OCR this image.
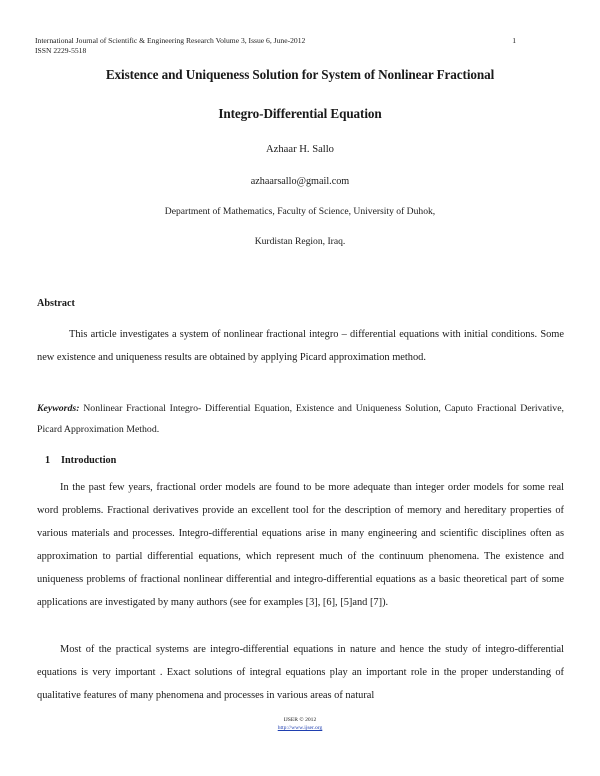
International Journal of Scientific & Engineering Research Volume 3, Issue 6, June-2012
ISSN 2229-5518
1
Existence and Uniqueness Solution for System of Nonlinear Fractional
Integro-Differential Equation
Azhaar H. Sallo
azhaarsallo@gmail.com
Department of Mathematics, Faculty of Science, University of Duhok,
Kurdistan Region, Iraq.
Abstract
This article investigates a system of nonlinear fractional integro – differential equations with initial conditions. Some new existence and uniqueness results are obtained by applying Picard approximation method.
Keywords: Nonlinear Fractional Integro- Differential Equation, Existence and Uniqueness Solution, Caputo Fractional Derivative, Picard Approximation Method.
1 Introduction
In the past few years, fractional order models are found to be more adequate than integer order models for some real word problems. Fractional derivatives provide an excellent tool for the description of memory and hereditary properties of various materials and processes. Integro-differential equations arise in many engineering and scientific disciplines often as approximation to partial differential equations, which represent much of the continuum phenomena. The existence and uniqueness problems of fractional nonlinear differential and integro-differential equations as a basic theoretical part of some applications are investigated by many authors (see for examples [3], [6], [5]and [7]).
Most of the practical systems are integro-differential equations in nature and hence the study of integro-differential equations is very important . Exact solutions of integral equations play an important role in the proper understanding of qualitative features of many phenomena and processes in various areas of natural
IJSER © 2012
http://www.ijser.org
